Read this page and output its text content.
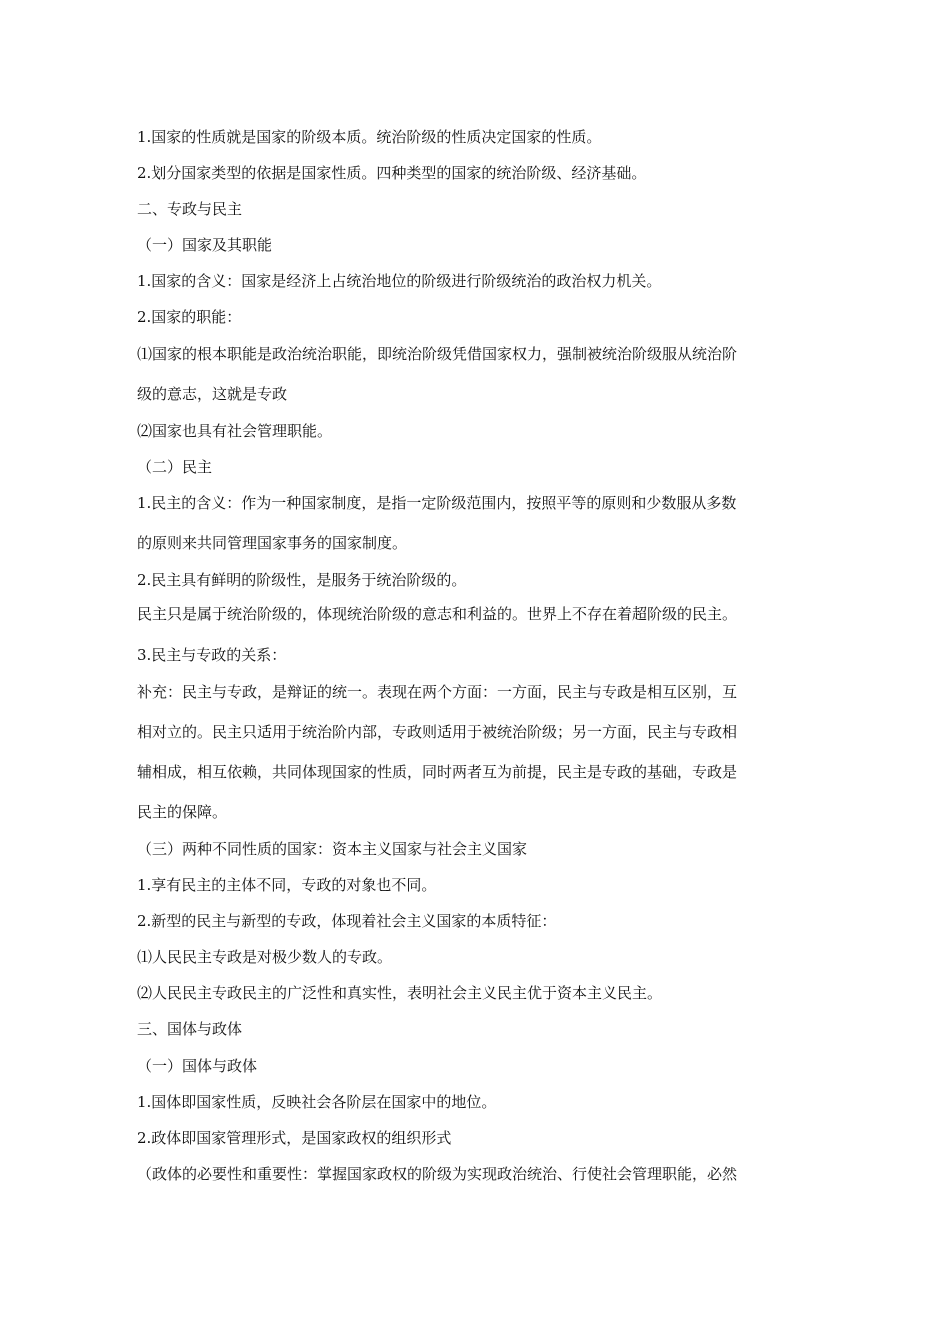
1.国家的性质就是国家的阶级本质。统治阶级的性质决定国家的性质。
2.划分国家类型的依据是国家性质。四种类型的国家的统治阶级、经济基础。
二、专政与民主
（一）国家及其职能
1.国家的含义：国家是经济上占统治地位的阶级进行阶级统治的政治权力机关。
2.国家的职能：
⑴国家的根本职能是政治统治职能，即统治阶级凭借国家权力，强制被统治阶级服从统治阶
级的意志，这就是专政
⑵国家也具有社会管理职能。
（二）民主
1.民主的含义：作为一种国家制度，是指一定阶级范围内，按照平等的原则和少数服从多数
的原则来共同管理国家事务的国家制度。
2.民主具有鲜明的阶级性，是服务于统治阶级的。
民主只是属于统治阶级的，体现统治阶级的意志和利益的。世界上不存在着超阶级的民主。
3.民主与专政的关系：
补充：民主与专政，是辩证的统一。表现在两个方面：一方面，民主与专政是相互区别，互
相对立的。民主只适用于统治阶内部，专政则适用于被统治阶级；另一方面，民主与专政相
辅相成，相互依赖，共同体现国家的性质，同时两者互为前提，民主是专政的基础，专政是
民主的保障。
（三）两种不同性质的国家：资本主义国家与社会主义国家
1.享有民主的主体不同，专政的对象也不同。
2.新型的民主与新型的专政，体现着社会主义国家的本质特征：
⑴人民民主专政是对极少数人的专政。
⑵人民民主专政民主的广泛性和真实性，表明社会主义民主优于资本主义民主。
三、国体与政体
（一）国体与政体
1.国体即国家性质，反映社会各阶层在国家中的地位。
2.政体即国家管理形式，是国家政权的组织形式
（政体的必要性和重要性：掌握国家政权的阶级为实现政治统治、行使社会管理职能，必然
